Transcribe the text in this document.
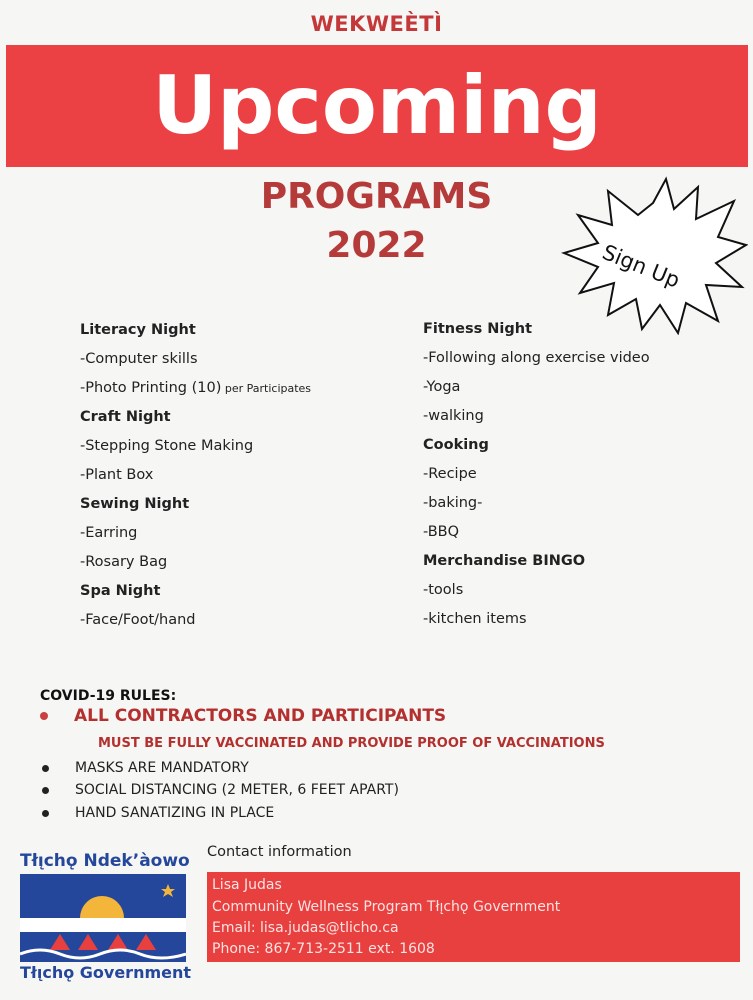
WEKWEÈTÌ
Upcoming
PROGRAMS
2022	Sign Up
Literacy Night
-Computer skills
-Photo Printing (10) per Participates
Craft Night
-Stepping Stone Making
-Plant Box
Sewing Night
-Earring
-Rosary Bag
Spa Night
-Face/Foot/hand
Fitness Night
-Following along exercise video
-Yoga
-walking
Cooking
-Recipe
-baking-
-BBQ
Merchandise BINGO
-tools
-kitchen items
COVID-19 RULES:
ALL CONTRACTORS AND PARTICIPANTS
MUST BE FULLY VACCINATED AND PROVIDE PROOF OF VACCINATIONS
MASKS ARE MANDATORY
SOCIAL DISTANCING (2 METER, 6 FEET APART)
HAND SANATIZING IN PLACE
Tłı̨chǫ Ndek’àowo
Tłı̨chǫ Government
Contact information
Lisa Judas
Community Wellness Program Tłı̨chǫ Government
Email: lisa.judas@tlicho.ca
Phone: 867-713-2511 ext. 1608
